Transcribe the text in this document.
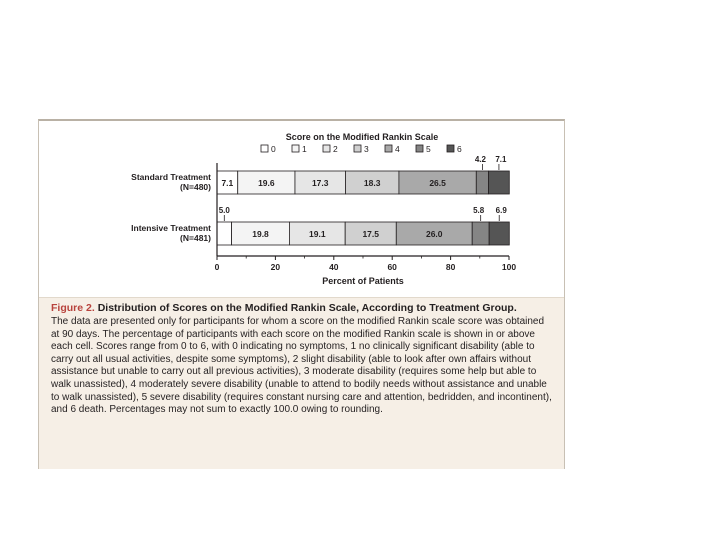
Score on the Modified Rankin Scale
0	1	2	3	4	5	6
Standard Treatment
(N=480) 7.1	19.6	17.3	18.3	26.5
4.2 7.1
Intensive Treatment
(N=481)
5.0
19.8	19.1	17.5	26.0
5.8 6.9
0	20	40	60	80	100
Percent of Patients

Figure 2. Distribution of Scores on the Modified Rankin Scale, According to Treatment Group.

The data are presented only for participants for whom a score on the modified Rankin scale score was obtained at 90 days. The percentage of participants with each score on the modified Rankin scale is shown in or above each cell. Scores range from 0 to 6, with 0 indicating no symptoms, 1 no clinically significant disability (able to carry out all usual activities, despite some symptoms), 2 slight disability (able to look after own affairs without assistance but unable to carry out all previous activities), 3 moderate disability (requires some help but able to walk unassisted), 4 moderately severe disability (unable to attend to bodily needs without assistance and unable to walk unassisted), 5 severe disability (requires constant nursing care and attention, bedridden, and incontinent), and 6 death. Percentages may not sum to exactly 100.0 owing to rounding.
